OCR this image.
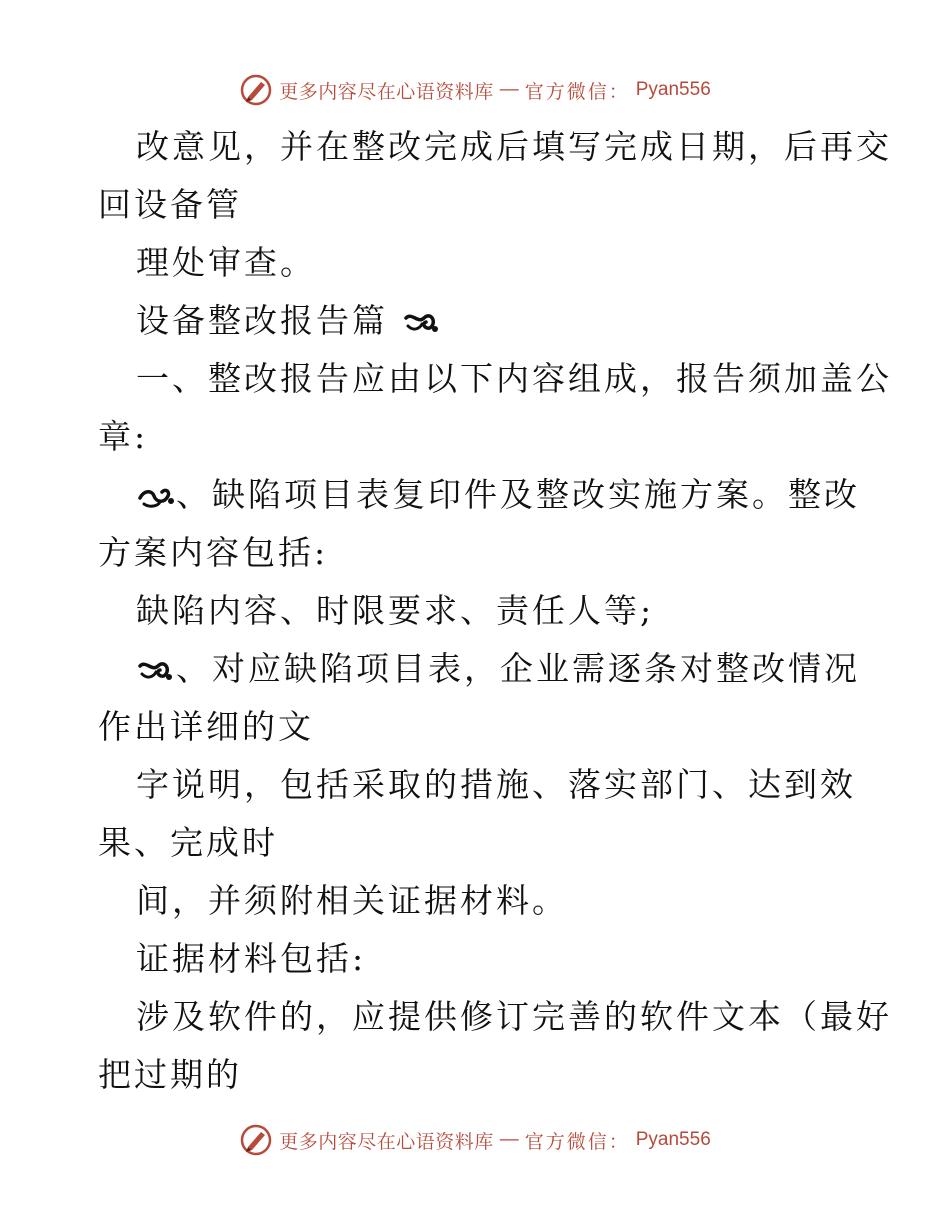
更多内容尽在心语资料库 — 官方微信： Pyan556
改意见，并在整改完成后填写完成日期，后再交
回设备管
理处审查。
设备整改报告篇
一、整改报告应由以下内容组成，报告须加盖公
章:
、缺陷项目表复印件及整改实施方案。整改
方案内容包括:
缺陷内容、时限要求、责任人等;
、对应缺陷项目表，企业需逐条对整改情况
作出详细的文
字说明，包括采取的措施、落实部门、达到效
果、完成时
间，并须附相关证据材料。
证据材料包括:
涉及软件的，应提供修订完善的软件文本（最好
把过期的
更多内容尽在心语资料库 — 官方微信： Pyan556
